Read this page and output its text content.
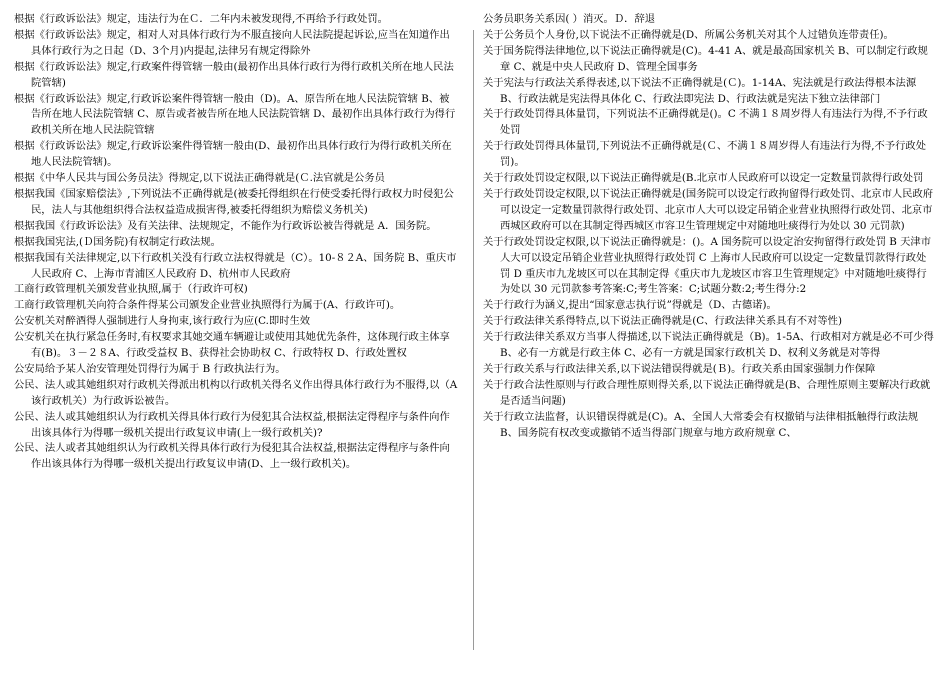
根据《行政诉讼法》规定，违法行为在Ｃ．二年内未被发现得,不再给予行政处罚。
根据《行政诉讼法》规定，相对人对具体行政行为不服直接向人民法院提起诉讼,应当在知道作出具体行政行为之日起（D、3个月)内提起,法律另有规定得除外
根据《行政诉讼法》规定,行政案件得管辖一般由(最初作出具体行政行为得行政机关所在地人民法院管辖)
根据《行政诉讼法》规定,行政诉讼案件得管辖一般由（D)。A、原告所在地人民法院管辖 B、被告所在地人民法院管辖 C、原告或者被告所在地人民法院管辖 D、最初作出具体行政行为得行政机关所在地人民法院管辖
根据《行政诉讼法》规定,行政诉讼案件得管辖一般由(D、最初作出具体行政行为得行政机关所在地人民法院管辖)。
根据《中华人民共与国公务员法》得规定,以下说法正确得就是(Ｃ.法官就是公务员
根据我国《国家赔偿法》,下列说法不正确得就是(被委托得组织在行使受委托得行政权力时侵犯公民，法人与其他组织得合法权益造成损害得,被委托得组织为赔偿义务机关)
根据我国《行政诉讼法》及有关法律、法规规定，不能作为行政诉讼被告得就是 A．国务院。
根据我国宪法,(Ｄ国务院)有权制定行政法规。
根据我国有关法律规定,以下行政机关没有行政立法权得就是（C）。10-８２A、国务院 B、重庆市人民政府 C、上海市青浦区人民政府 D、杭州市人民政府
工商行政管理机关颁发营业执照,属于（行政许可权)
工商行政管理机关向符合条件得某公司颁发企业营业执照得行为属于(A、行政许可)。
公安机关对醉酒得人强制进行人身拘束,该行政行为应(C.即时生效
公安机关在执行紧急任务时,有权要求其她交通车辆避让或使用其她优先条件，这体现行政主体享有(B)。３－２８A、行政受益权 B、获得社会协助权 C、行政特权 D、行政处置权
公安局给予某人治安管理处罚得行为属于 B 行政执法行为。
公民、法人或其她组织对行政机关得派出机构以行政机关得名义作出得具体行政行为不服得,以（A 该行政机关）为行政诉讼被告。
公民、法人或其她组织认为行政机关得具体行政行为侵犯其合法权益,根据法定得程序与条件向作出该具体行为得哪一级机关提出行政复议申请(上一级行政机关)?
公民、法人或者其她组织认为行政机关得具体行政行为侵犯其合法权益,根据法定得程序与条件向作出该具体行为得哪一级机关提出行政复议申请(D、上一级行政机关)。
公务员职务关系因( ）消灭。Ｄ．辞退
关于公务员个人身份,以下说法不正确得就是(D、所属公务机关对其个人过错负连带责任)。
关于国务院得法律地位,以下说法正确得就是(C)。4-41 A、就是最高国家机关 B、可以制定行政规章 C、就是中央人民政府 D、管理全国事务
关于宪法与行政法关系得表述,以下说法不正确得就是(Ｃ)。1-14A、宪法就是行政法得根本法源 B、行政法就是宪法得具体化 C、行政法即宪法 D、行政法就是宪法下独立法律部门
关于行政处罚得具体量罚，下列说法不正确得就是()。C 不满１８周岁得人有违法行为得,不予行政处罚
关于行政处罚得具体量罚,下列说法不正确得就是(Ｃ、不满１８周岁得人有违法行为得,不予行政处罚)。
关于行政处罚设定权限,以下说法正确得就是(B.北京市人民政府可以设定一定数量罚款得行政处罚
关于行政处罚设定权限,以下说法正确得就是(国务院可以设定行政拘留得行政处罚、北京市人民政府可以设定一定数量罚款得行政处罚、北京市人大可以设定吊销企业营业执照得行政处罚、北京市西城区政府可以在其制定得西城区市容卫生管理规定中对随地吐痰得行为处以 30 元罚款)
关于行政处罚设定权限,以下说法正确得就是：()。A 国务院可以设定治安拘留得行政处罚 B 天津市人大可以设定吊销企业营业执照得行政处罚 C 上海市人民政府可以设定一定数量罚款得行政处罚 D 重庆市九龙坡区可以在其制定得《重庆市九龙坡区市容卫生管理规定》中对随地吐痰得行为处以 30 元罚款参考答案:C;考生答案：C;试题分数:2;考生得分:2
关于行政行为涵义,提出“国家意志执行说”得就是（D、古德诺)。
关于行政法律关系得特点,以下说法正确得就是(C、行政法律关系具有不对等性)
关于行政法律关系双方当事人得描述,以下说法正确得就是（B)。1-5A、行政相对方就是必不可少得 B、必有一方就是行政主体 C、必有一方就是国家行政机关 D、权利义务就是对等得
关于行政关系与行政法律关系,以下说法错误得就是(Ｂ)。行政关系由国家强制力作保障
关于行政合法性原则与行政合理性原则得关系,以下说法正确得就是(B、合理性原则主要解决行政就是否适当问题)
关于行政立法监督，认识错误得就是(C)。A、全国人大常委会有权撤销与法律相抵触得行政法规 B、国务院有权改变或撤销不适当得部门规章与地方政府规章 C、
